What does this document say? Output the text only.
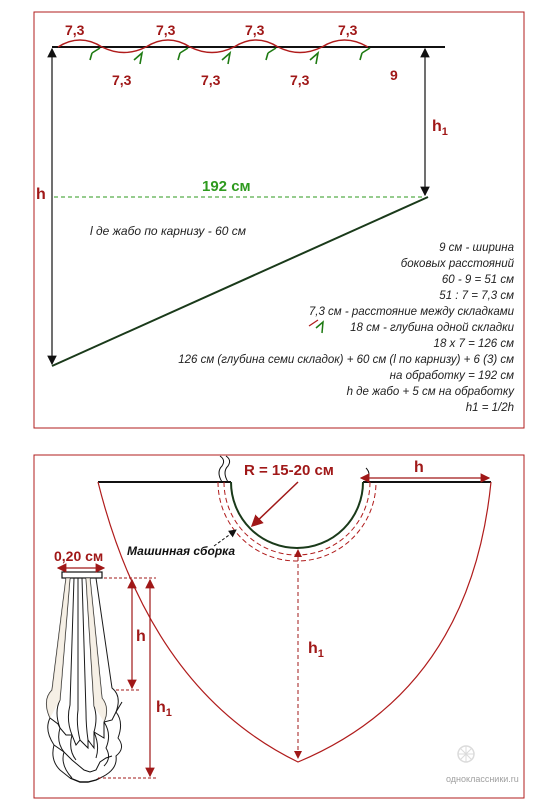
7,3	7,3	7,3	7,3
7,3	7,3	7,3	9
h
$h_1$
192 см
l де жабо по карнизу - 60 см
R = 15-20 см	h
$h_1$
Машинная сборка
0,20 см
h
$h_1$
одноклассники.ru
9 см - ширина
боковых расстояний
60 - 9 = 51 см
51 : 7 = 7,3 см
7,3 см - расстояние между складками
18 см - глубина одной складки
18 х 7 = 126 см
126 см (глубина семи складок) + 60 см (l по карнизу) + 6 (3) см
на обработку = 192 см
h де жабо + 5 см на обработку
h1 = 1/2h
